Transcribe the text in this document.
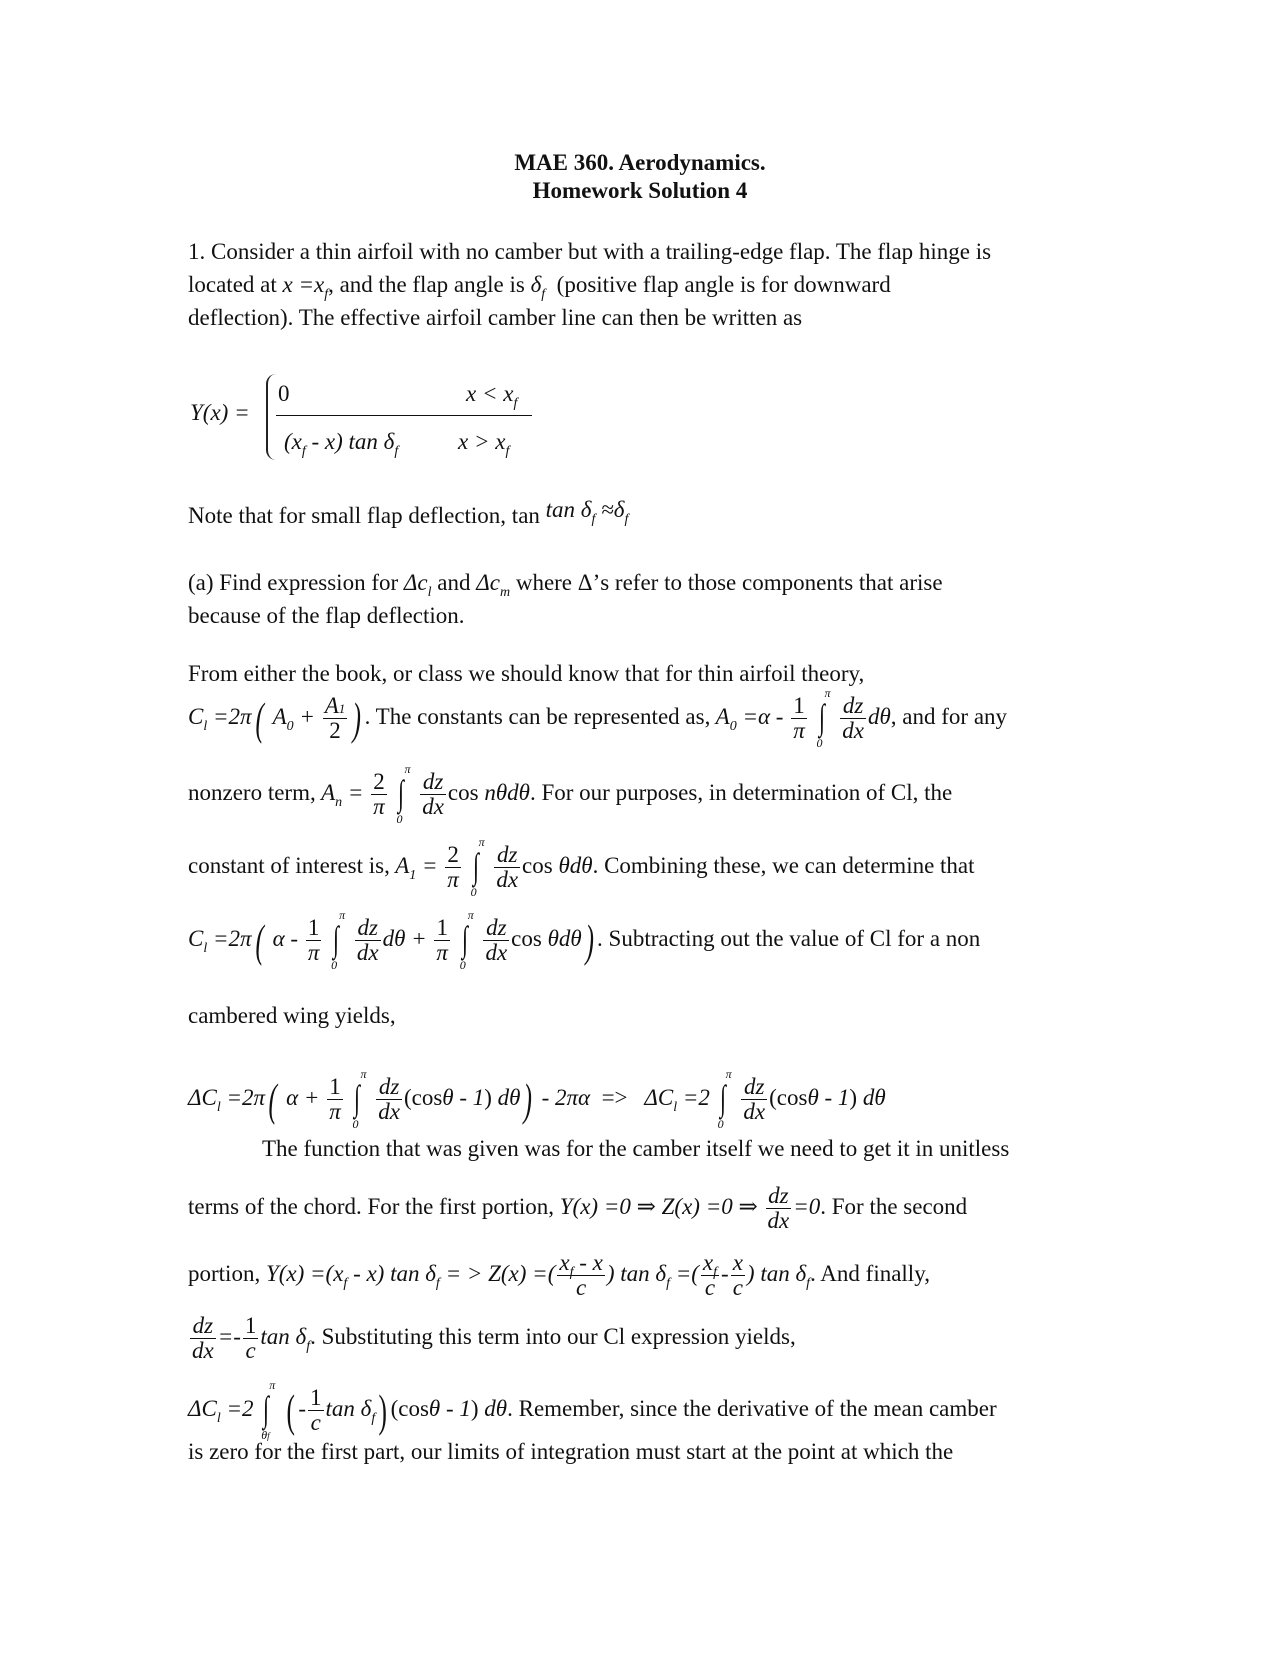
MAE 360. Aerodynamics.
Homework Solution 4
1. Consider a thin airfoil with no camber but with a trailing-edge flap. The flap hinge is
located at $x =x_f$, and the flap angle is $\delta_f$ (positive flap angle is for downward
deflection). The effective airfoil camber line can then be written as
Y(x) =
0	$x < x_f$
$(x_f - x)$ $\tan \delta_f$	$x > x_f$
Note that for small flap deflection, $\tan \tan \delta_f \approx\delta_f$
(a) Find expression for $\Delta c_l$ and $\Delta c_m$ where Δ’s refer to those components that arise
because of the flap deflection.
From either the book, or class we should know that for thin airfoil theory,
$C_l =2\pi$( $A_0 + \frac{A1}{2}$ ) . The constants can be represented as, $A_0 =\alpha - \frac{1}{\pi}$
∫
π
0
$\frac{dz}{dx} d\theta$, and for any
nonzero term, $A_n = \frac{2}{\pi}$
∫
π
0
$\frac{dz}{dx}$ cos nθdθ. For our purposes, in determination of Cl, the
constant of interest is, $A_1 = \frac{2}{\pi}$
∫
π
0
$\frac{dz}{dx}$ cos θdθ. Combining these, we can determine that
$C_l =2\pi$( α - $\frac{1}{\pi}$
∫
π
0
$\frac{dz}{dx}$ $d\theta + \frac{1}{\pi}$
∫
π
0
$\frac{dz}{dx}$ cos θdθ) . Subtracting out the value of Cl for a non
cambered wing yields,
$\Delta C_l =2\pi$( $\alpha + \frac{1}{\pi}$
∫
π
0
$\frac{dz}{dx} (\cos\theta - 1)$ $d\theta) - 2\pi\alpha => \Delta C_l =2$ ∫
π
0
$\frac{dz}{dx} (\cos\theta - 1)$ dθ
The function that was given was for the camber itself we need to get it in unitless
terms of the chord. For the first portion, Y(x) =0 ⇒ Z(x) =0 ⇒ $\frac{dz}{dx} =0$. For the second
portion, $Y(x) =(x_f - x)$ $\tan \delta_f$ = > Z(x) =( $\frac{x_f - x}{c}$ ) $\tan \delta_f$ =( $\frac{x_f}{c} - \frac{x}{c}$ ) $\tan \delta_f$. And finally,
$\frac{dz}{dx} =- \frac{1}{c}$ $\tan \delta_f$. Substituting this term into our Cl expression yields,
$\Delta C_l =2$ ∫
π
θf ( - $\frac{1}{c}$ $\tan \delta_f$) (cosθ - 1) dθ. Remember, since the derivative of the mean camber
is zero for the first part, our limits of integration must start at the point at which the
